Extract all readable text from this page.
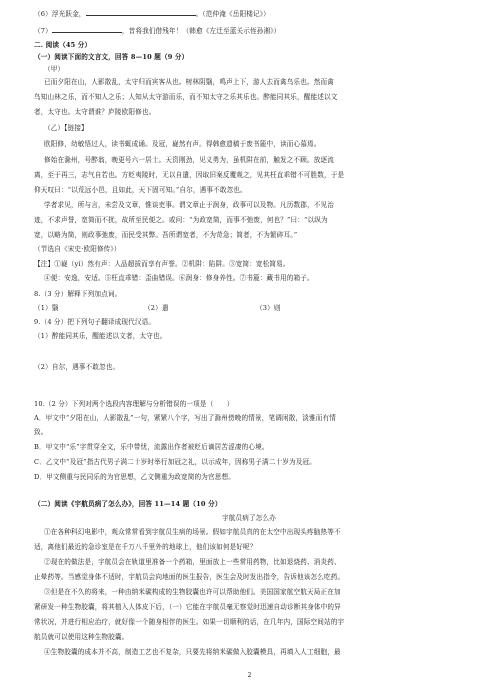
（6）浮光跃金，	。（范仲淹《岳阳楼记》）
（7）	，昔将我们借残年！（韩愈《左迁至蓝关示侄孙湘》）
二. 阅读（45 分）
（一）阅读下面的文言文，回答 8—10 题（9 分）
（甲）
已而夕阳在山，人影散乱，太守归而宾客从也。树林阴翳，鸣声上下，游人去而禽鸟乐也。然而禽
鸟知山林之乐，而不知人之乐；人知从太守游而乐，而不知太守之乐其乐也。醉能同其乐，醒能述以文
者，太守也。太守谓谁？庐陵欧阳修也。
（乙）【链接】
欧阳修，幼敏悟过人，读书辄成诵。及冠，嶷然有声。得韩愈遗稿于废书簏中，读而心慕焉。
修始在滁州，号醉翁，晚更号六一居士。天资刚劲，见义勇为，虽机阱在前，触发之不顾。放逐流
离，至于再三，志气自若也。方贬夷陵时，无以自遣，因取旧案反覆观之，见其枉直乖错不可胜数，于是
仰天叹曰：“以荒远小邑，且如此，天下固可知。”自尔，遇事不敢忽也。
学者求见，所与言，未尝及文章，惟谈吏事。谓文章止于润身，政事可以及物。凡历数郡，不见治
迹，不求声誉，宽简而不扰，故所至民便之。或问：“为政宽简，而事不弛废，何也？”曰：“以纵为
宽，以略为简，则政事弛废，而民受其弊。吾所谓宽者，不为苛急；简者，不为繁碎耳。”
（节选自《宋史·欧阳修传》）
【注】①嶷（yí）然有声：人品超拔而享有声誉。②机阱：陷阱。③宽简：宽松简易。
④便：安逸，安适。⑤枉直乖错：歪曲错误。⑥润身：修身养性。⑦书簏：藏书用的箱子。
8.（3 分）解释下列加点词。
（1）翳	（2）遣	（3）则
9.（4 分）把下列句子翻译成现代汉语。
（1）醉能同其乐，醒能述以文者，太守也。
（2）自尔，遇事不敢忽也。
10.（2 分）下列对两个选段内容理解与分析错误的一项是（　　）
A．甲文中“夕阳在山，人影散乱”一句，紧紧八个字，写出了滁州傍晚的情景，笔调闲散，淡雅而有情
致。
B．甲文中“乐”字贯穿全文，乐中带忧，流露出作者被贬后谪居苦涩凄的心境。
C．乙文中“及冠”指古代男子满二十岁时举行加冠之礼，以示成年，因称男子满二十岁为及冠。
D．甲文侧重与民同乐的为官思想，乙文侧重为政宽简的为官思想。
（二）阅读《宇航员病了怎么办》，回答 11—14 题（10 分）
宇航员病了怎么办
①在各种科幻电影中，观众常常看到宇航员生病的场景。假如宇航员真的在太空中出现头疼脑热等不
适，离他们最近的急诊室是在千万八千里外的地球上，他们该如何是好呢？
②现在的做法是，宇航员会在轨道里准备一个药箱，里面放上一些常用药物，比如退烧药、消炎药、
止晕药等。当感觉身体不适时，宇航员会向地面的医生报告，医生会及时发出指令，告诉他该怎么吃药。
③但是在不久的将来，一种由纳米碳构成的生物胶囊也许可以帮助他们。美国国家航空航天局正在加
紧研发一种生物胶囊，将其植入人体皮下后，（一）它能在宇航员毫无察觉时迅速自动诊断其身体中的异
常状况，并进行相应治疗，就好像一个随身相伴的医生。如果一切顺利的话，在几年内，国际空间站的宇
航员就可以使用这种生物胶囊。
④生物胶囊的成本并不高，制造工艺也不复杂，只要先将纳米碳做入胶囊模具，再填入人工细胞，最
2
